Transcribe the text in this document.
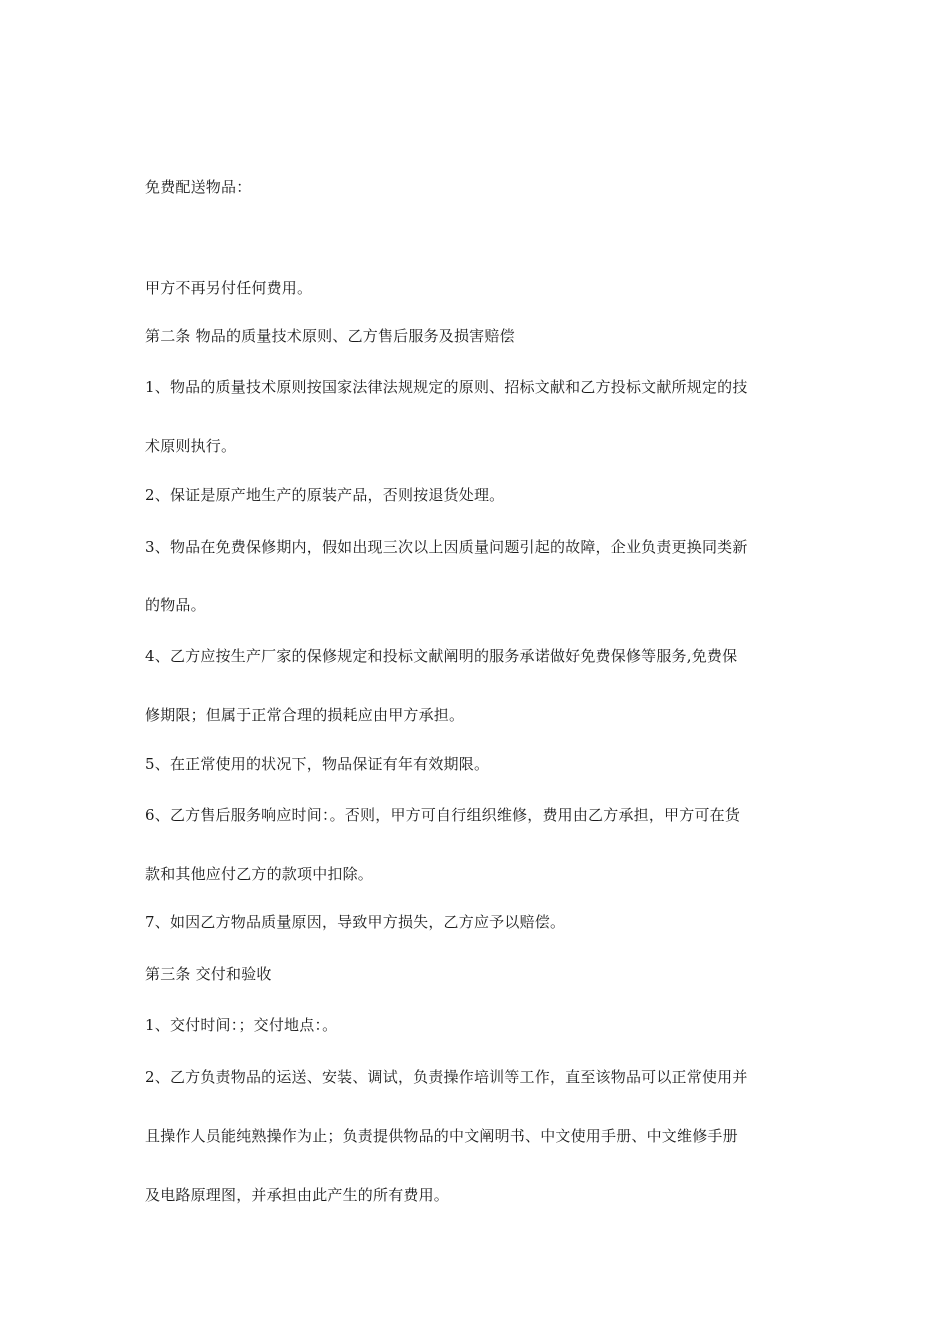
免费配送物品：
甲方不再另付任何费用。
第二条 物品的质量技术原则、乙方售后服务及损害赔偿
1、物品的质量技术原则按国家法律法规规定的原则、招标文献和乙方投标文献所规定的技
术原则执行。
2、保证是原产地生产的原装产品，否则按退货处理。
3、物品在免费保修期内，假如出现三次以上因质量问题引起的故障，企业负责更换同类新
的物品。
4、乙方应按生产厂家的保修规定和投标文献阐明的服务承诺做好免费保修等服务,免费保
修期限；但属于正常合理的损耗应由甲方承担。
5、在正常使用的状况下，物品保证有年有效期限。
6、乙方售后服务响应时间：。否则，甲方可自行组织维修，费用由乙方承担，甲方可在货
款和其他应付乙方的款项中扣除。
7、如因乙方物品质量原因，导致甲方损失，乙方应予以赔偿。
第三条 交付和验收
1、交付时间：；交付地点：。
2、乙方负责物品的运送、安装、调试，负责操作培训等工作，直至该物品可以正常使用并
且操作人员能纯熟操作为止；负责提供物品的中文阐明书、中文使用手册、中文维修手册
及电路原理图，并承担由此产生的所有费用。
